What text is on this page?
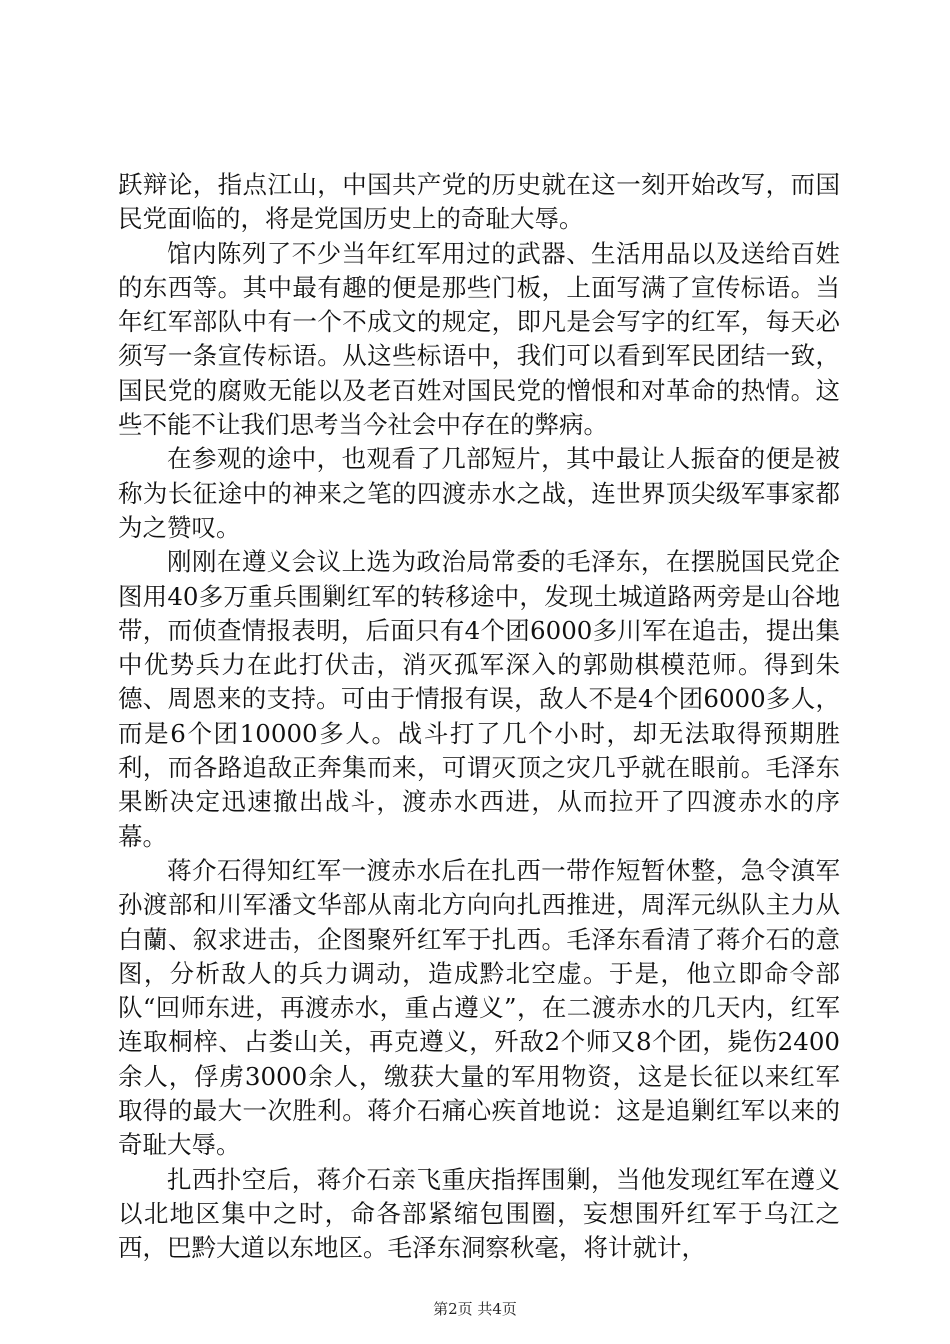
跃辩论，指点江山，中国共产党的历史就在这一刻开始改写，而国民党面临的，将是党国历史上的奇耻大辱。

馆内陈列了不少当年红军用过的武器、生活用品以及送给百姓的东西等。其中最有趣的便是那些门板，上面写满了宣传标语。当年红军部队中有一个不成文的规定，即凡是会写字的红军，每天必须写一条宣传标语。从这些标语中，我们可以看到军民团结一致，国民党的腐败无能以及老百姓对国民党的憎恨和对革命的热情。这些不能不让我们思考当今社会中存在的弊病。

在参观的途中，也观看了几部短片，其中最让人振奋的便是被称为长征途中的神来之笔的四渡赤水之战，连世界顶尖级军事家都为之赞叹。

刚刚在遵义会议上选为政治局常委的毛泽东，在摆脱国民党企图用40多万重兵围剿红军的转移途中，发现土城道路两旁是山谷地带，而侦查情报表明，后面只有4个团6000多川军在追击，提出集中优势兵力在此打伏击，消灭孤军深入的郭勋棋模范师。得到朱德、周恩来的支持。可由于情报有误，敌人不是4个团6000多人，而是6个团10000多人。战斗打了几个小时，却无法取得预期胜利，而各路追敌正奔集而来，可谓灭顶之灾几乎就在眼前。毛泽东果断决定迅速撤出战斗，渡赤水西进，从而拉开了四渡赤水的序幕。

蒋介石得知红军一渡赤水后在扎西一带作短暂休整，急令滇军孙渡部和川军潘文华部从南北方向向扎西推进，周浑元纵队主力从白蘭、叙求进击，企图聚歼红军于扎西。毛泽东看清了蒋介石的意图，分析敌人的兵力调动，造成黔北空虚。于是，他立即命令部队“回师东进，再渡赤水，重占遵义”，在二渡赤水的几天内，红军连取桐梓、占娄山关，再克遵义，歼敌2个师又8个团，毙伤2400余人，俘虏3000余人，缴获大量的军用物资，这是长征以来红军取得的最大一次胜利。蒋介石痛心疾首地说：这是追剿红军以来的奇耻大辱。

扎西扑空后，蒋介石亲飞重庆指挥围剿，当他发现红军在遵义以北地区集中之时，命各部紧缩包围圈，妄想围歼红军于乌江之西，巴黔大道以东地区。毛泽东洞察秋毫，将计就计，

第2页 共4页
